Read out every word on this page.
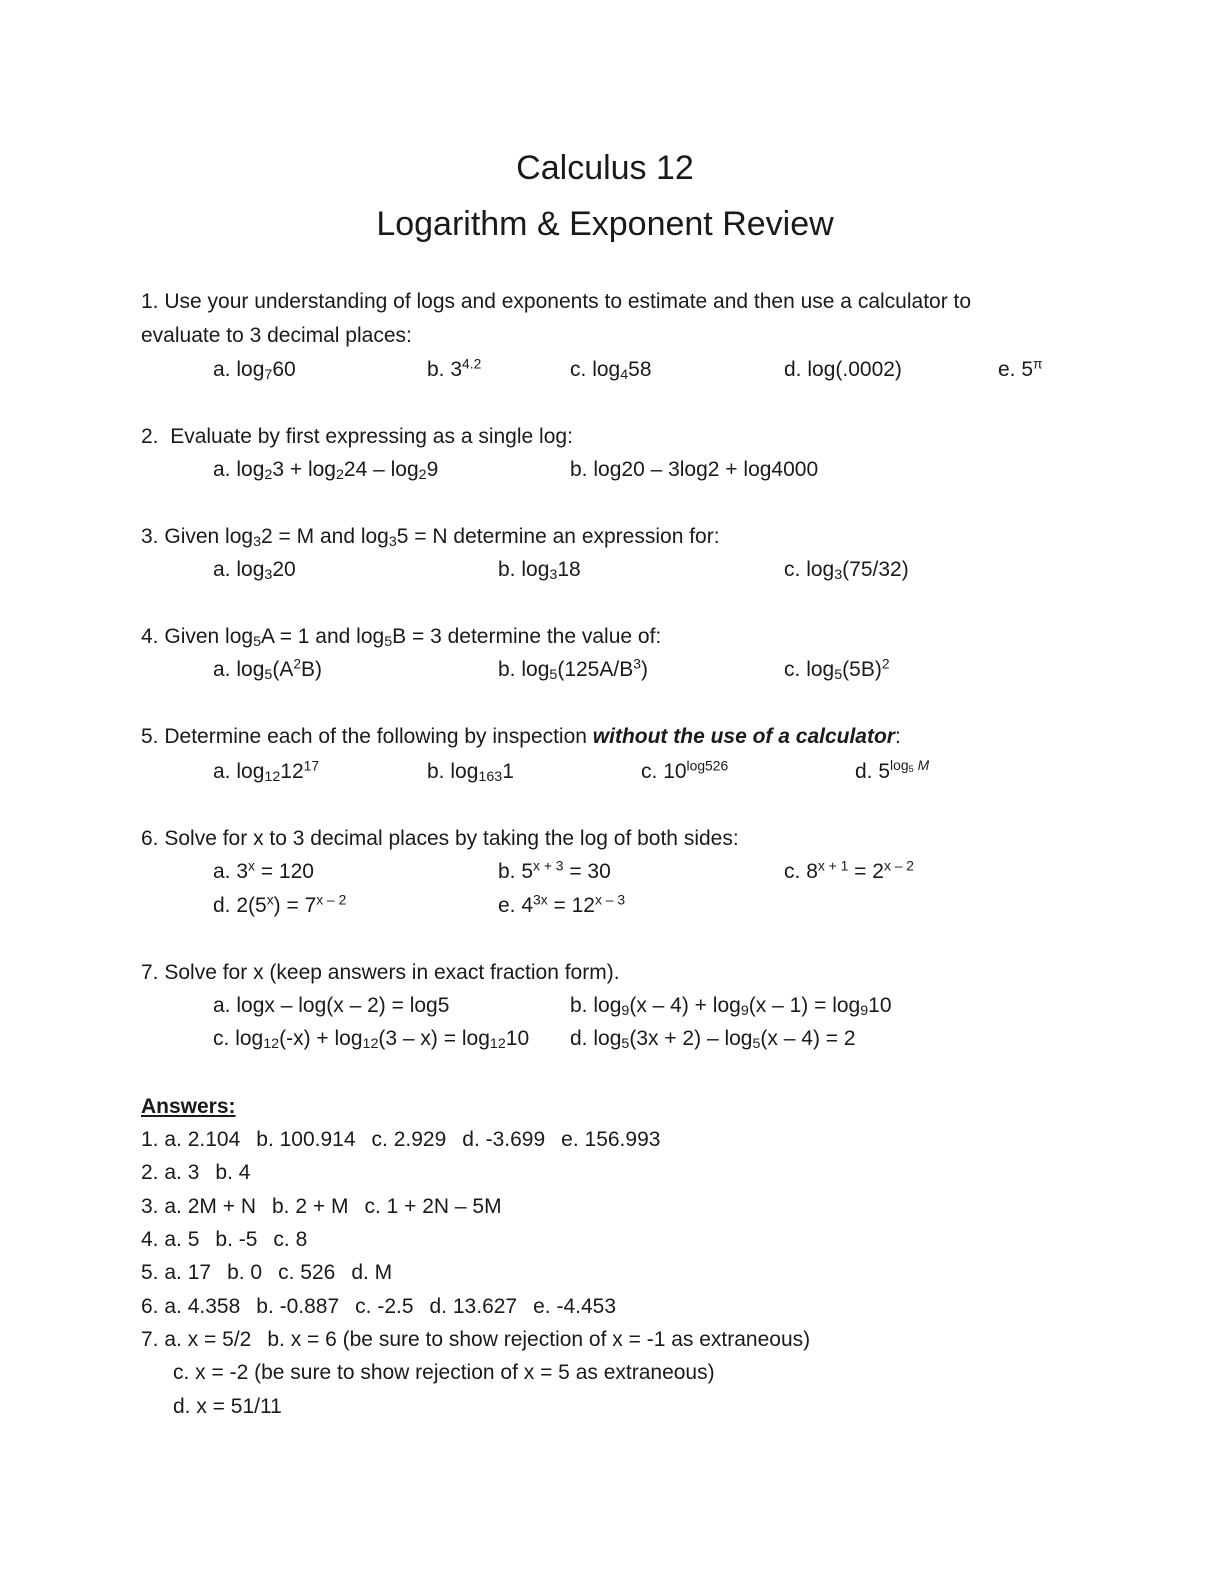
Calculus 12
Logarithm & Exponent Review
1. Use your understanding of logs and exponents to estimate and then use a calculator to
evaluate to 3 decimal places:
a. $\log_760$	b. $3^{4.2}$	c. $\log_458$	d. log(.0002)	e. $5^\pi$
2. Evaluate by first expressing as a single log:
a. $\log_23 + \log_224 - \log_29$	b. log20 – 3log2 + log4000
3. Given $\log_32 = M$ and $\log_35 = N$ determine an expression for:
a. $\log_320$	b. $\log_318$	c. $\log_3(75/32)$
4. Given $\log_5A = 1$ and $\log_5B = 3$ determine the value of:
a. $\log_5(A^2B)$	b. $\log_5(125A/B^3)$	c. $\log_5(5B)^2$
5. Determine each of the following by inspection without the use of a calculator:
a. $\log_{12}12^{17}$	b. $\log_{163}1$	c. $10^{log526}$	d. $5^{log_5 M}$
6. Solve for x to 3 decimal places by taking the log of both sides:
a. $3^x = 120$	b. $5^{x + 3} = 30$	c. $8^{x + 1} = 2^{x - 2}$
d. $2(5^x) = 7^{x - 2}$	e. $4^{3x} = 12^{x - 3}$
7. Solve for x (keep answers in exact fraction form).
a. logx – log(x – 2) = log5	b. $\log_9(x - 4) + \log_9(x - 1) = \log_910$
c. $\log_{12}(-x) + \log_{12}(3 - x) = \log_{12}10$ d. $\log_5(3x + 2) - \log_5(x - 4) = 2$
Answers:
1. a. 2.104 b. 100.914 c. 2.929 d. -3.699 e. 156.993
2. a. 3 b. 4
3. a. 2M + N b. 2 + M c. 1 + 2N – 5M
4. a. 5 b. -5 c. 8
5. a. 17 b. 0 c. 526 d. M
6. a. 4.358 b. -0.887 c. -2.5 d. 13.627 e. -4.453
7. a. x = 5/2 b. x = 6 (be sure to show rejection of x = -1 as extraneous)
c. x = -2 (be sure to show rejection of x = 5 as extraneous)
d. x = 51/11
